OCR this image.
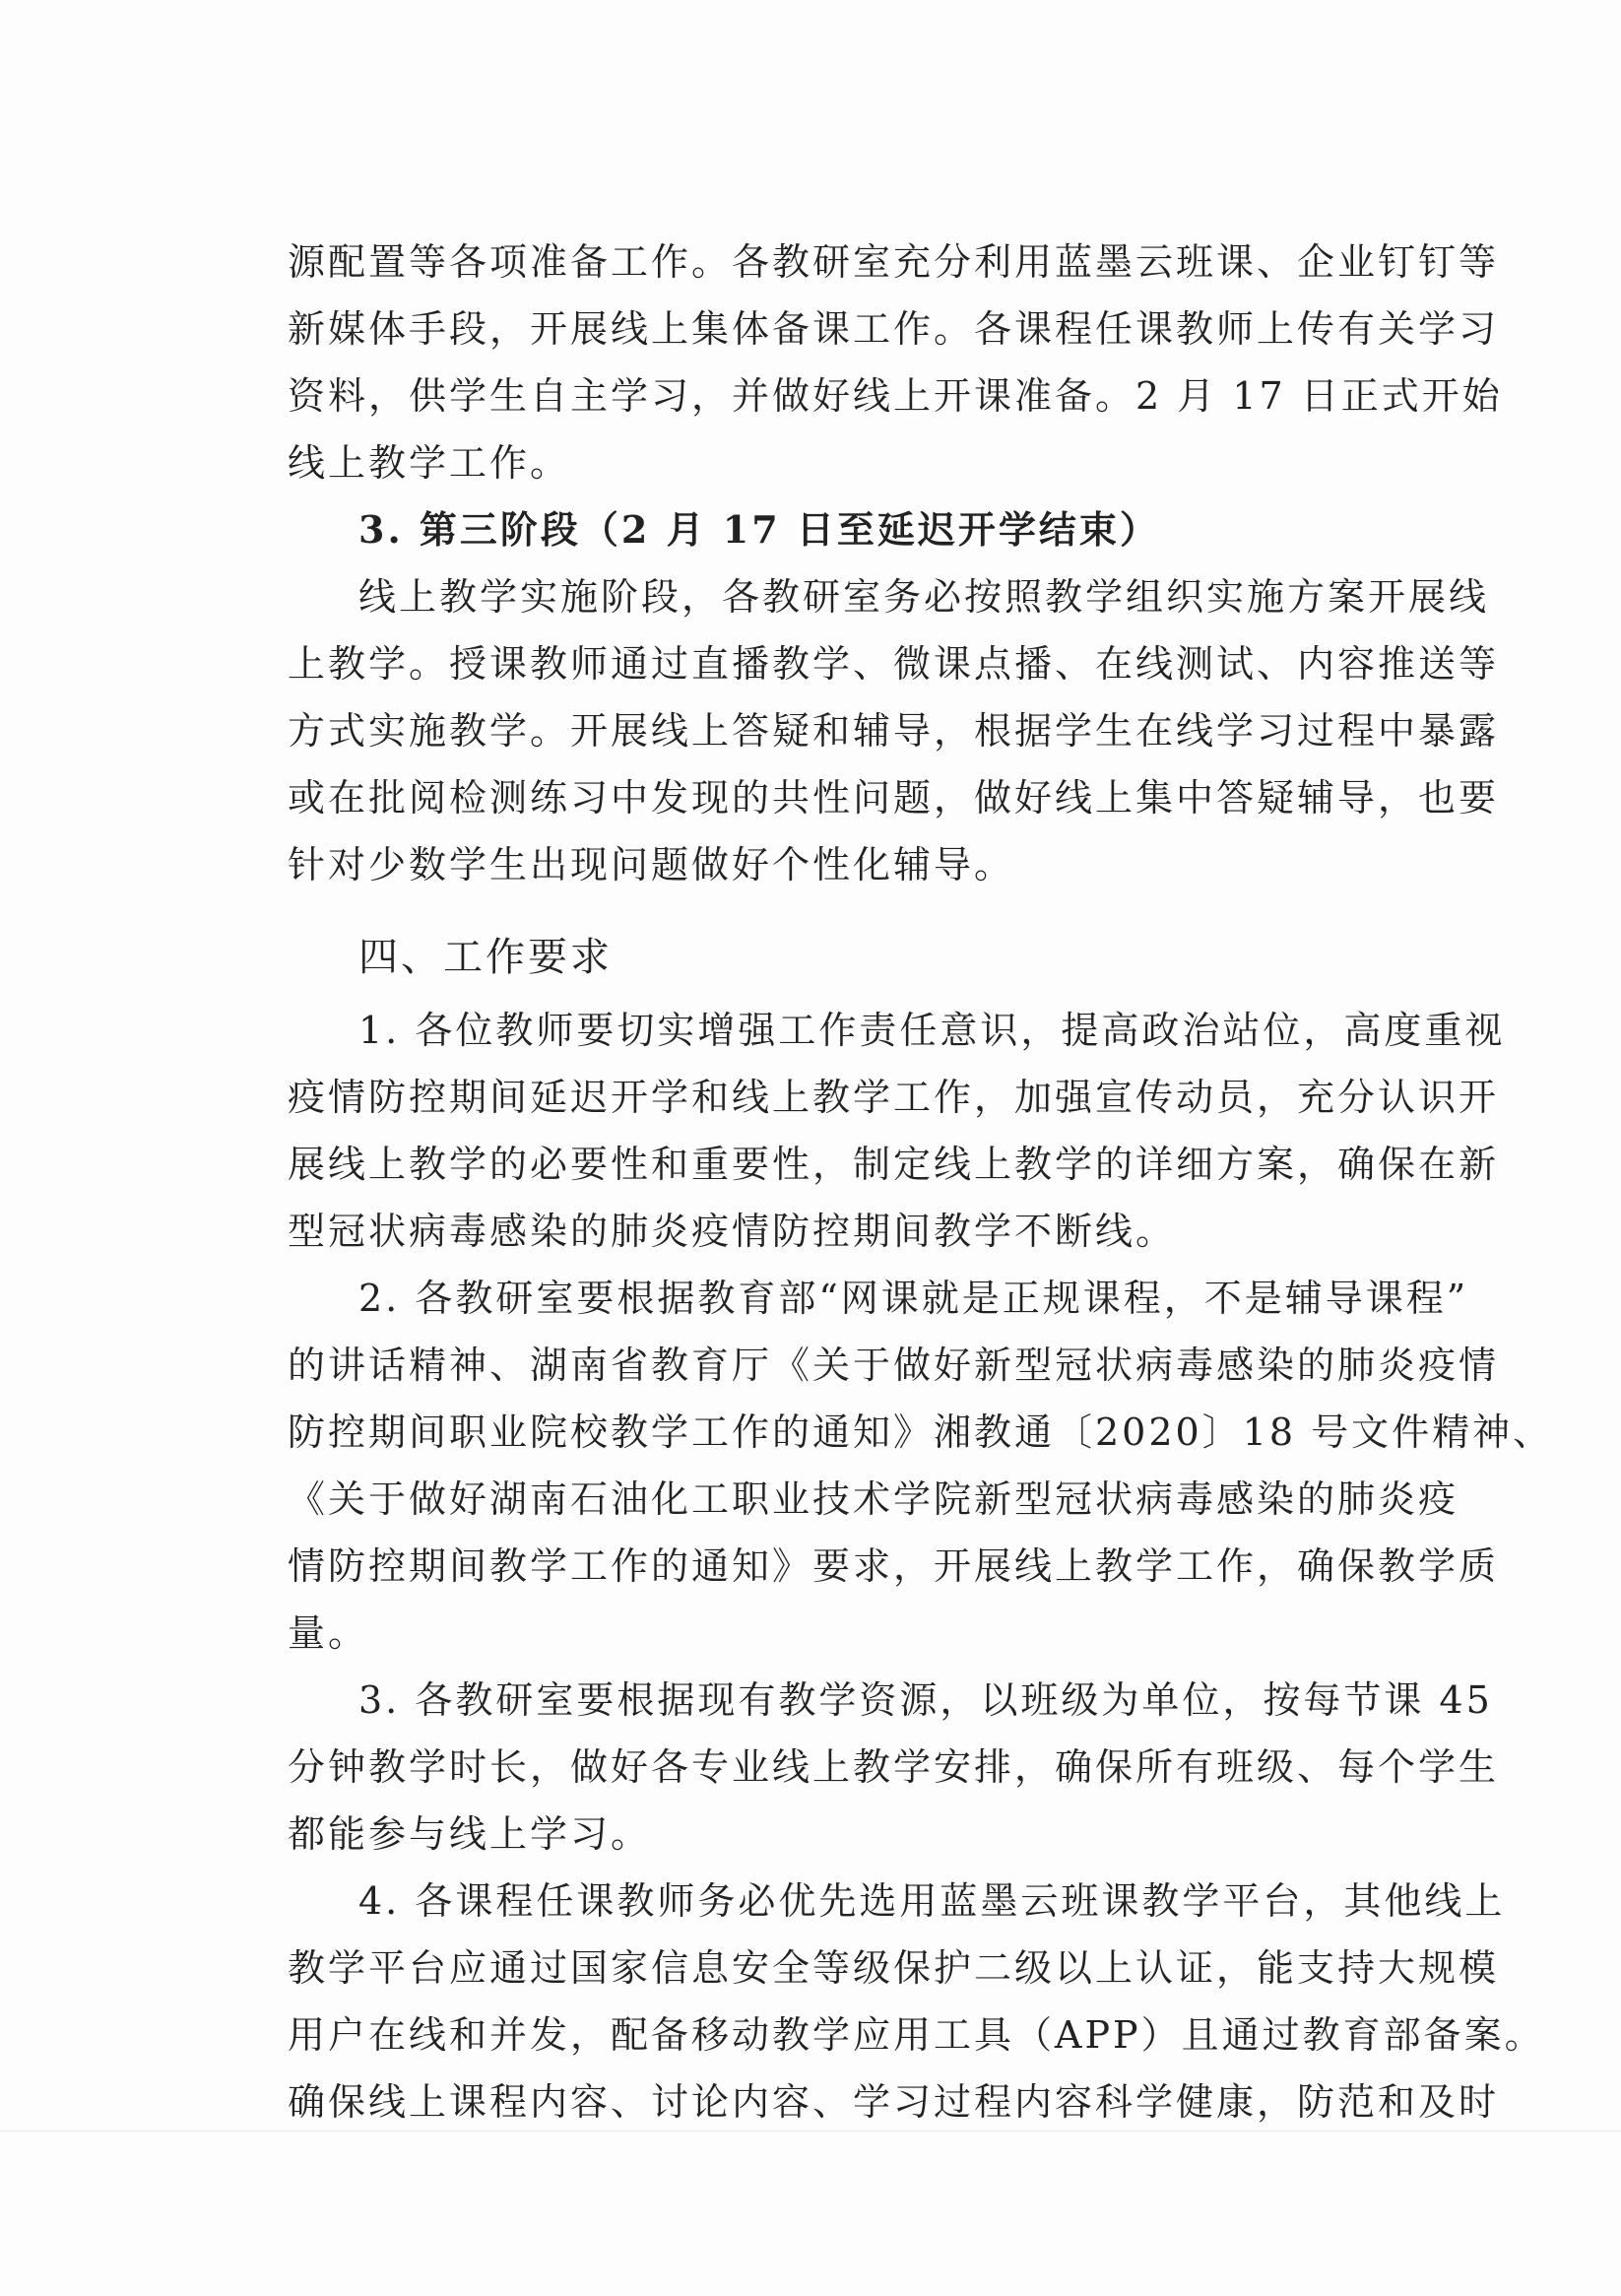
源配置等各项准备工作。各教研室充分利用蓝墨云班课、企业钉钉等
新媒体手段，开展线上集体备课工作。各课程任课教师上传有关学习
资料，供学生自主学习，并做好线上开课准备。2 月 17 日正式开始
线上教学工作。
3. 第三阶段（2 月 17 日至延迟开学结束）
线上教学实施阶段，各教研室务必按照教学组织实施方案开展线
上教学。授课教师通过直播教学、微课点播、在线测试、内容推送等
方式实施教学。开展线上答疑和辅导，根据学生在线学习过程中暴露
或在批阅检测练习中发现的共性问题，做好线上集中答疑辅导，也要
针对少数学生出现问题做好个性化辅导。
四、工作要求
1. 各位教师要切实增强工作责任意识，提高政治站位，高度重视
疫情防控期间延迟开学和线上教学工作，加强宣传动员，充分认识开
展线上教学的必要性和重要性，制定线上教学的详细方案，确保在新
型冠状病毒感染的肺炎疫情防控期间教学不断线。
2. 各教研室要根据教育部“网课就是正规课程，不是辅导课程”
的讲话精神、湖南省教育厅《关于做好新型冠状病毒感染的肺炎疫情
防控期间职业院校教学工作的通知》湘教通〔2020〕18 号文件精神、
《关于做好湖南石油化工职业技术学院新型冠状病毒感染的肺炎疫
情防控期间教学工作的通知》要求，开展线上教学工作，确保教学质
量。
3. 各教研室要根据现有教学资源，以班级为单位，按每节课 45
分钟教学时长，做好各专业线上教学安排，确保所有班级、每个学生
都能参与线上学习。
4. 各课程任课教师务必优先选用蓝墨云班课教学平台，其他线上
教学平台应通过国家信息安全等级保护二级以上认证，能支持大规模
用户在线和并发，配备移动教学应用工具（APP）且通过教育部备案。
确保线上课程内容、讨论内容、学习过程内容科学健康，防范和及时
